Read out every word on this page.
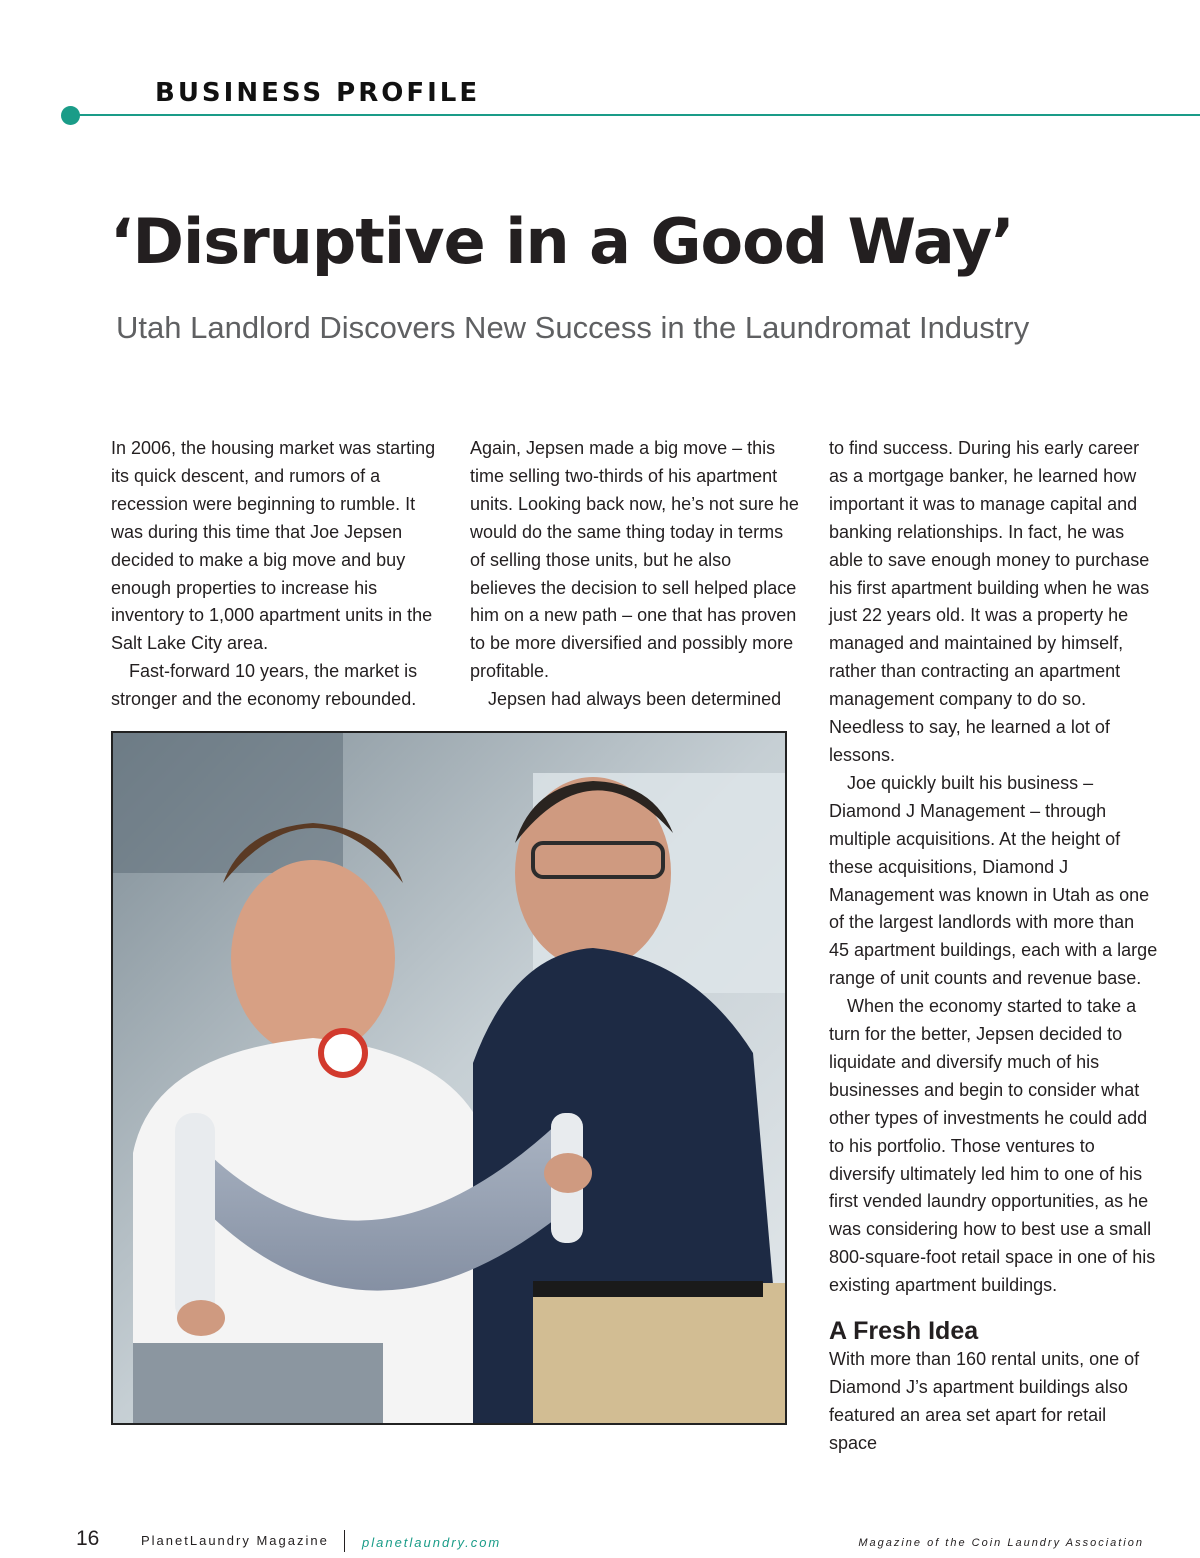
BUSINESS PROFILE
‘Disruptive in a Good Way’
Utah Landlord Discovers New Success in the Laundromat Industry

In 2006, the housing market was starting its quick descent, and rumors of a recession were beginning to rumble. It was during this time that Joe Jepsen decided to make a big move and buy enough properties to increase his inventory to 1,000 apartment units in the Salt Lake City area.

Fast-forward 10 years, the market is stronger and the economy rebounded.

Again, Jepsen made a big move – this time selling two-thirds of his apartment units. Looking back now, he’s not sure he would do the same thing today in terms of selling those units, but he also believes the decision to sell helped place him on a new path – one that has proven to be more diversified and possibly more profitable.

Jepsen had always been determined

to find success. During his early career as a mortgage banker, he learned how important it was to manage capital and banking relationships. In fact, he was able to save enough money to purchase his first apartment building when he was just 22 years old. It was a property he managed and maintained by himself, rather than contracting an apartment management company to do so. Needless to say, he learned a lot of lessons.

Joe quickly built his business – Diamond J Management – through multiple acquisitions. At the height of these acquisitions, Diamond J Management was known in Utah as one of the largest landlords with more than 45 apartment buildings, each with a large range of unit counts and revenue base.

When the economy started to take a turn for the better, Jepsen decided to liquidate and diversify much of his businesses and begin to consider what other types of investments he could add to his portfolio. Those ventures to diversify ultimately led him to one of his first vended laundry opportunities, as he was considering how to best use a small 800-square-foot retail space in one of his existing apartment buildings.

A Fresh Idea

With more than 160 rental units, one of Diamond J’s apartment buildings also featured an area set apart for retail space

16	PlanetLaundry Magazine	planetlaundry.com	Magazine of the Coin Laundry Association
